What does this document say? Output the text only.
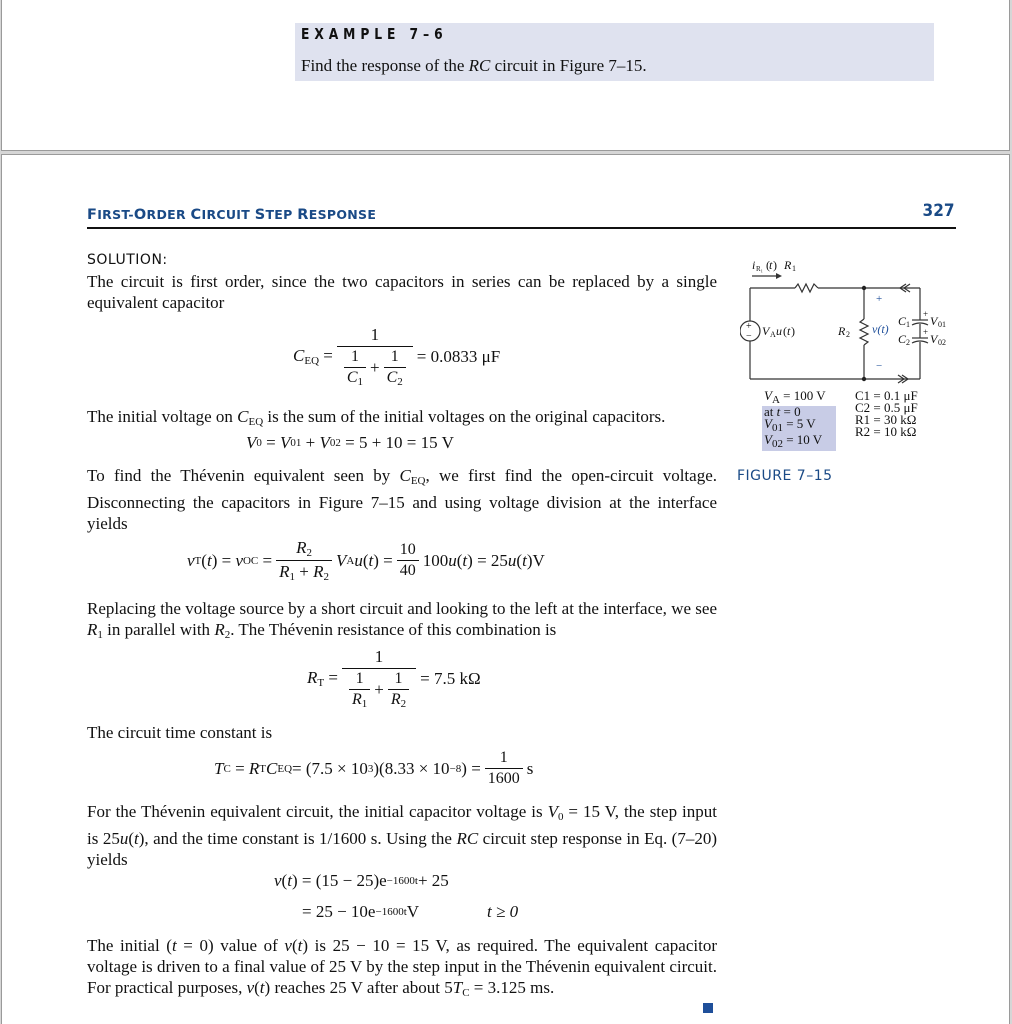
EXAMPLE 7–6
Find the response of the RC circuit in Figure 7–15.
FIRST-ORDER CIRCUIT STEP RESPONSE	327
SOLUTION:
The circuit is first order, since the two capacitors in series can be replaced by a single equivalent capacitor
$C_{EQ} = \frac{1}{\frac{1}{C_1} + \frac{1}{C_2}} = 0.0833$ μF
The initial voltage on $C_{EQ}$ is the sum of the initial voltages on the original capacitors.
V 0 = V 01 + V 02
= 5 + 10 = 15 V
To find the Thévenin equivalent seen by $C_{EQ}$, we first find the open-circuit voltage. Disconnecting the capacitors in Figure 7–15 and using voltage division at the interface yields
v T ( t ) = v OC = $\frac{R_2}{R_1 + R_2}$ V A u ( t ) = $\frac{10}{40} 100$ u ( t ) = 25 u ( t ) V
Replacing the voltage source by a short circuit and looking to the left at the interface, we see $R_1$ in parallel with $R_2$. The Thévenin resistance of this combination is
$R_T = \frac{1}{\frac{1}{R_1} + \frac{1}{R_2}} = 7.5$ kΩ
The circuit time constant is
T C = R T C EQ = (7.5 × 10 3 )(8.33 × 10 −8 ) = $\frac{1}{1600}$ s
For the Thévenin equivalent circuit, the initial capacitor voltage is $V_0 = 15$ V, the step input is 25u(t), and the time constant is 1/1600 s. Using the RC circuit step response in Eq. (7–20) yields
v ( t ) = (15 − 25)e −1600t + 25
= 25 − 10e −1600t V	t ≥ 0
The initial (t = 0) value of v(t) is 25 − 10 = 15 V, as required. The equivalent capacitor voltage is driven to a final value of 25 V by the step input in the Thévenin equivalent circuit. For practical purposes, v(t) reaches 25 V after about $5T_C = 3.125$ ms.
+
− V A u ( t )
i R₁ ( t ) R 1
R 2 v(t)
+
−
C 1
C 2
+
+
V 01
V 02
$V_A = 100$ V
at t = 0
$V_{01} = 5$ V
$V_{02} = 10$ V
C1 = 0.1 μF
C2 = 0.5 μF
R1 = 30 kΩ
R2 = 10 kΩ
FIGURE 7–15
